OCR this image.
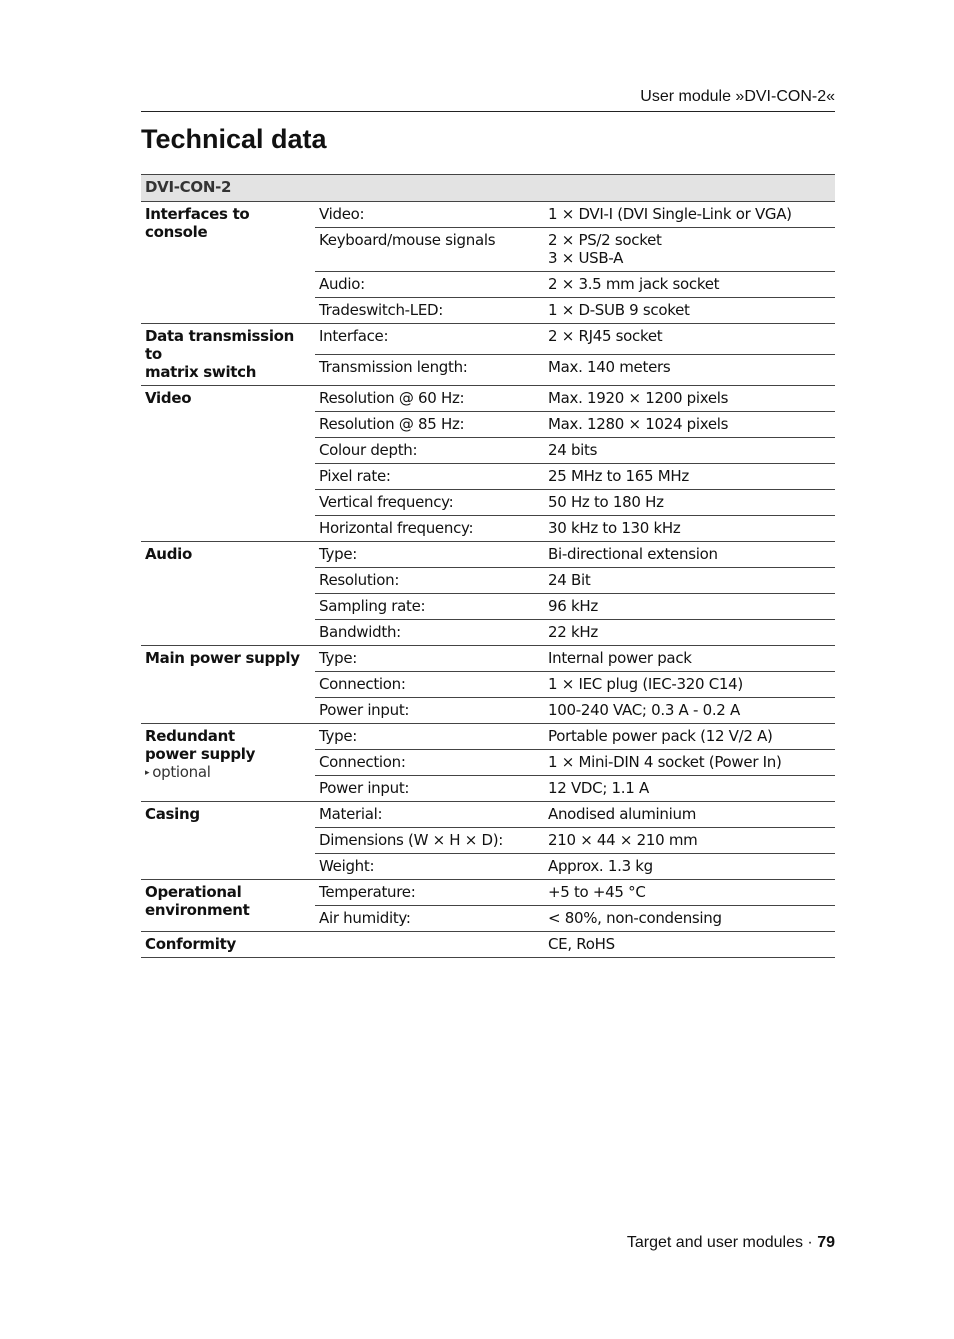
User module »DVI-CON-2«
Technical data
DVI-CON-2		

Interfaces to
console	Video:	1 × DVI-I (DVI Single-Link or VGA)

	Keyboard/mouse signals	2 × PS/2 socket
3 × USB-A

	Audio:	2 × 3.5 mm jack socket

	Tradeswitch-LED:	1 × D-SUB 9 scoket

Data transmission to
matrix switch	Interface:	2 × RJ45 socket

	Transmission length:	Max. 140 meters

Video	Resolution @ 60 Hz:	Max. 1920 × 1200 pixels

	Resolution @ 85 Hz:	Max. 1280 × 1024 pixels

	Colour depth:	24 bits

	Pixel rate:	25 MHz to 165 MHz

	Vertical frequency:	50 Hz to 180 Hz

	Horizontal frequency:	30 kHz to 130 kHz

Audio	Type:	Bi-directional extension

	Resolution:	24 Bit

	Sampling rate:	96 kHz

	Bandwidth:	22 kHz

Main power supply	Type:	Internal power pack

	Connection:	1 × IEC plug (IEC-320 C14)

	Power input:	100-240 VAC; 0.3 A - 0.2 A

Redundant
power supply
▸ optional	Type:	Portable power pack (12 V/2 A)

	Connection:	1 × Mini-DIN 4 socket (Power In)

	Power input:	12 VDC; 1.1 A

Casing	Material:	Anodised aluminium

	Dimensions (W × H × D):	210 × 44 × 210 mm

	Weight:	Approx. 1.3 kg

Operational
environment	Temperature:	+5 to +45 °C

	Air humidity:	< 80%, non-condensing

Conformity		CE, RoHS
Target and user modules · 79
